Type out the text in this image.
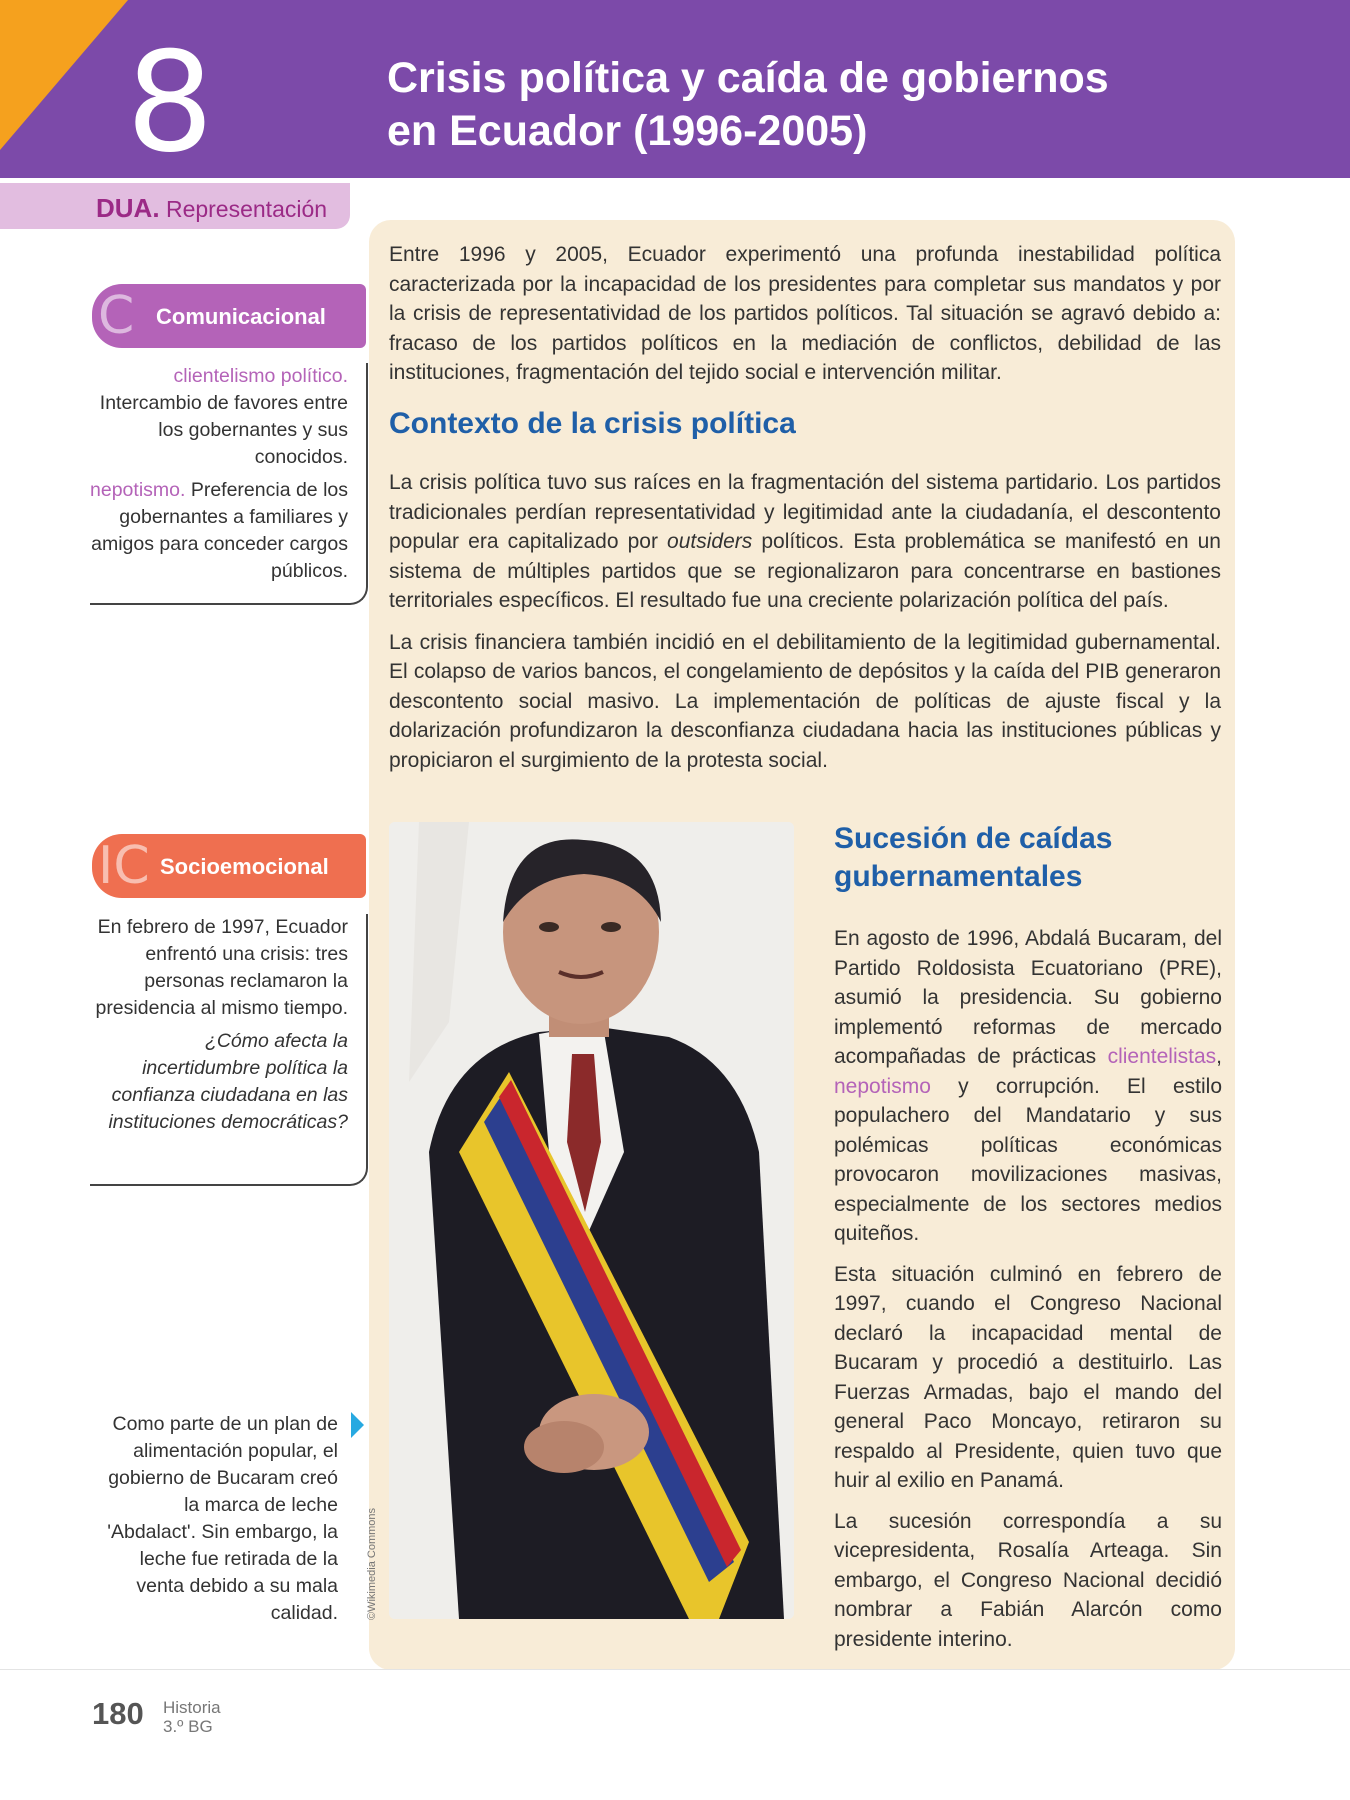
8	Crisis política y caída de gobiernos
en Ecuador (1996-2005)
DUA. Representación
C Comunicacional

clientelismo político. Intercambio de favores entre los gobernantes y sus conocidos.

nepotismo. Preferencia de los gobernantes a familiares y amigos para conceder cargos públicos.

IC Socioemocional

En febrero de 1997, Ecuador enfrentó una crisis: tres personas reclamaron la presidencia al mismo tiempo.

¿Cómo afecta la incertidumbre política la confianza ciudadana en las instituciones democráticas?

Como parte de un plan de alimentación popular, el gobierno de Bucaram creó la marca de leche 'Abdalact'. Sin embargo, la leche fue retirada de la venta debido a su mala calidad.

Entre 1996 y 2005, Ecuador experimentó una profunda inestabilidad política caracterizada por la incapacidad de los presidentes para completar sus mandatos y por la crisis de representatividad de los partidos políticos. Tal situación se agravó debido a: fracaso de los partidos políticos en la mediación de conflictos, debilidad de las instituciones, fragmentación del tejido social e intervención militar.

Contexto de la crisis política

La crisis política tuvo sus raíces en la fragmentación del sistema partidario. Los partidos tradicionales perdían representatividad y legitimidad ante la ciudadanía, el descontento popular era capitalizado por outsiders políticos. Esta problemática se manifestó en un sistema de múltiples partidos que se regionalizaron para concentrarse en bastiones territoriales específicos. El resultado fue una creciente polarización política del país.

La crisis financiera también incidió en el debilitamiento de la legitimidad gubernamental. El colapso de varios bancos, el congelamiento de depósitos y la caída del PIB generaron descontento social masivo. La implementación de políticas de ajuste fiscal y la dolarización profundizaron la desconfianza ciudadana hacia las instituciones públicas y propiciaron el surgimiento de la protesta social.

©Wikimedia Commons
Sucesión de caídas
gubernamentales

En agosto de 1996, Abdalá Bucaram, del Partido Roldosista Ecuatoriano (PRE), asumió la presidencia. Su gobierno implementó reformas de mercado acompañadas de prácticas clientelistas, nepotismo y corrupción. El estilo populachero del Mandatario y sus polémicas políticas económicas provocaron movilizaciones masivas, especialmente de los sectores medios quiteños.

Esta situación culminó en febrero de 1997, cuando el Congreso Nacional declaró la incapacidad mental de Bucaram y procedió a destituirlo. Las Fuerzas Armadas, bajo el mando del general Paco Moncayo, retiraron su respaldo al Presidente, quien tuvo que huir al exilio en Panamá.

La sucesión correspondía a su vicepresidenta, Rosalía Arteaga. Sin embargo, el Congreso Nacional decidió nombrar a Fabián Alarcón como presidente interino.

180 Historia
3.º BG
